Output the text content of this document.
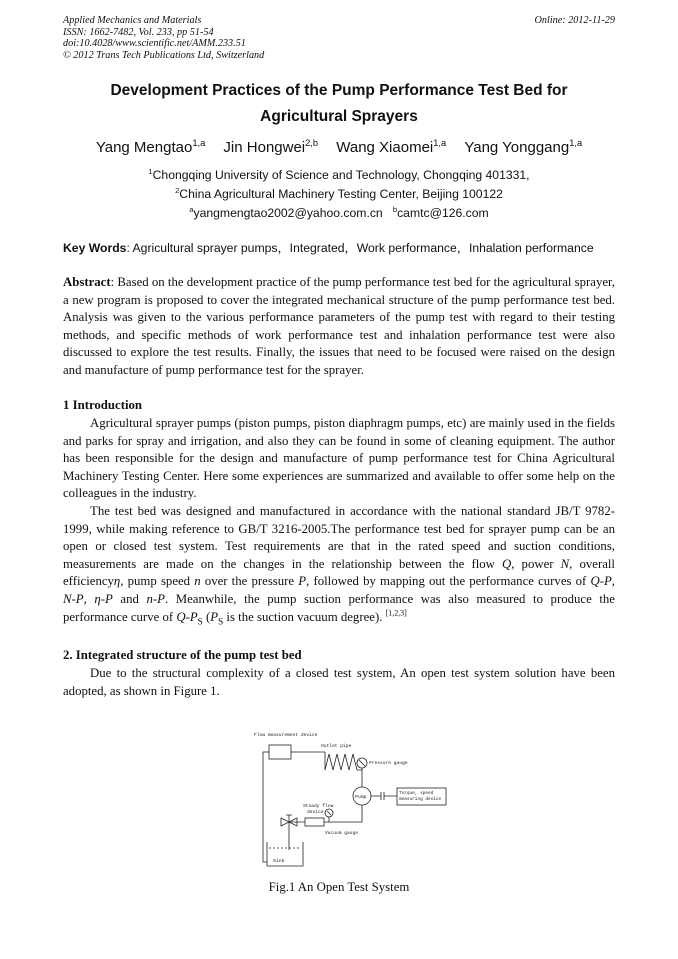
Applied Mechanics and Materials
ISSN: 1662-7482, Vol. 233, pp 51-54
doi:10.4028/www.scientific.net/AMM.233.51
© 2012 Trans Tech Publications Ltd, Switzerland
Online: 2012-11-29
Development Practices of the Pump Performance Test Bed for
Agricultural Sprayers
Yang Mengtao$^{1,a}$ Jin Hongwei$^{2,b}$ Wang Xiaomei$^{1,a}$ Yang Yonggang$^{1,a}$
$^1$Chongqing University of Science and Technology, Chongqing 401331,
$^2$China Agricultural Machinery Testing Center, Beijing 100122
$^a$yangmengtao2002@yahoo.com.cn $^b$camtc@126.com
Key Words: Agricultural sprayer pumps，Integrated，Work performance，Inhalation performance

Abstract: Based on the development practice of the pump performance test bed for the agricultural sprayer, a new program is proposed to cover the integrated mechanical structure of the pump performance test bed. Analysis was given to the various performance parameters of the pump test with regard to their testing methods, and specific methods of work performance test and inhalation performance test were also discussed to explore the test results. Finally, the issues that need to be focused were raised on the design and manufacture of pump performance test for the sprayer.

1 Introduction

Agricultural sprayer pumps (piston pumps, piston diaphragm pumps, etc) are mainly used in the fields and parks for spray and irrigation, and also they can be found in some of cleaning equipment. The author has been responsible for the design and manufacture of pump performance test for China Agricultural Machinery Testing Center. Here some experiences are summarized and available to offer some help on the colleagues in the industry.

The test bed was designed and manufactured in accordance with the national standard JB/T 9782-1999, while making reference to GB/T 3216-2005.The performance test bed for sprayer pump can be an open or closed test system. Test requirements are that in the rated speed and suction conditions, measurements are made on the changes in the relationship between the flow Q, power N, overall efficiencyη, pump speed n over the pressure P, followed by mapping out the performance curves of Q-P, N-P, η-P and n-P. Meanwhile, the pump suction performance was also measured to produce the performance curve of $Q-P_S$ ($P_S$ is the suction vacuum degree). [1,2,3]

2. Integrated structure of the pump test bed

Due to the structural complexity of a closed test system, An open test system solution have been adopted, as shown in Figure 1.

Flow measurement device
Outlet pipe
Pressure gauge
Pump
Torque, speed
measuring device
Steady flow
device
Vacuum gauge
Sink
Fig.1 An Open Test System
